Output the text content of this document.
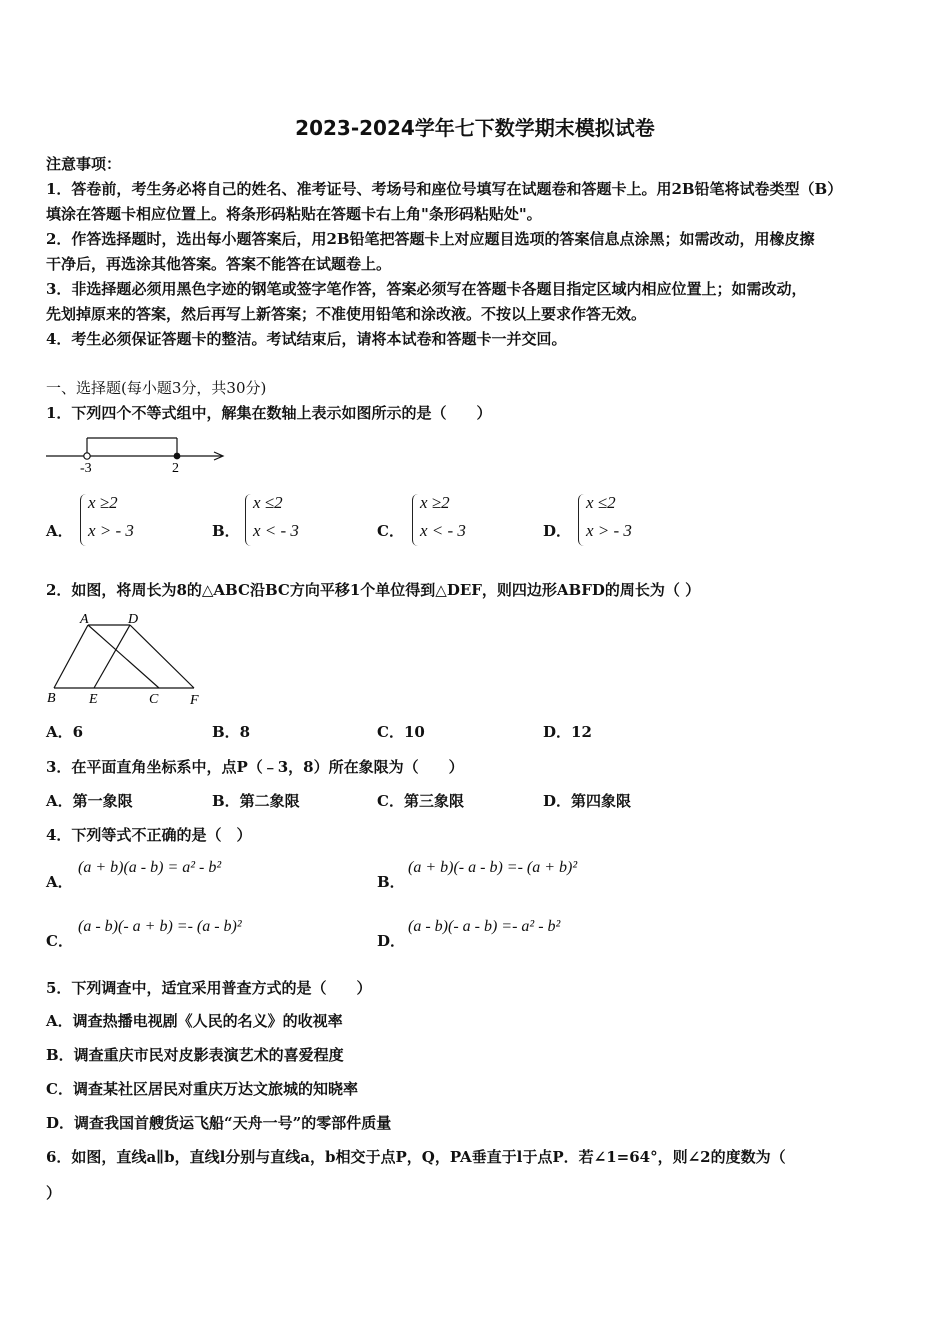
2023-2024学年七下数学期末模拟试卷
注意事项：
1．答卷前，考生务必将自己的姓名、准考证号、考场号和座位号填写在试题卷和答题卡上。用2B铅笔将试卷类型（B）
填涂在答题卡相应位置上。将条形码粘贴在答题卡右上角"条形码粘贴处"。
2．作答选择题时，选出每小题答案后，用2B铅笔把答题卡上对应题目选项的答案信息点涂黑；如需改动，用橡皮擦
干净后，再选涂其他答案。答案不能答在试题卷上。
3．非选择题必须用黑色字迹的钢笔或签字笔作答，答案必须写在答题卡各题目指定区域内相应位置上；如需改动，
先划掉原来的答案，然后再写上新答案；不准使用铅笔和涂改液。不按以上要求作答无效。
4．考生必须保证答题卡的整洁。考试结束后，请将本试卷和答题卡一并交回。
一、选择题(每小题3分，共30分)
1．下列四个不等式组中，解集在数轴上表示如图所示的是（　　）
-3	2
A．
x ≥2
x > - 3	B．
x ≤2
x < - 3	C．
x ≥2
x < - 3	D．
x ≤2
x > - 3
2．如图，将周长为8的△ABC沿BC方向平移1个单位得到△DEF，则四边形ABFD的周长为（ ）
A	D
B E	C F
A．6	B．8	C．10	D．12
3．在平面直角坐标系中，点P（﹣3，8）所在象限为（　　）
A．第一象限	B．第二象限	C．第三象限	D．第四象限
4．下列等式不正确的是（　）
A．
(a + b)(a - b) = a² - b²
B．
(a + b)(- a - b) =- (a + b)²
C．
(a - b)(- a + b) =- (a - b)²
D．
(a - b)(- a - b) =- a² - b²
5．下列调查中，适宜采用普查方式的是（　　）
A．调查热播电视剧《人民的名义》的收视率
B．调查重庆市民对皮影表演艺术的喜爱程度
C．调查某社区居民对重庆万达文旅城的知晓率
D．调查我国首艘货运飞船“天舟一号”的零部件质量
6．如图，直线a∥b，直线l分别与直线a，b相交于点P，Q，PA垂直于l于点P．若∠1=64°，则∠2的度数为（
）
